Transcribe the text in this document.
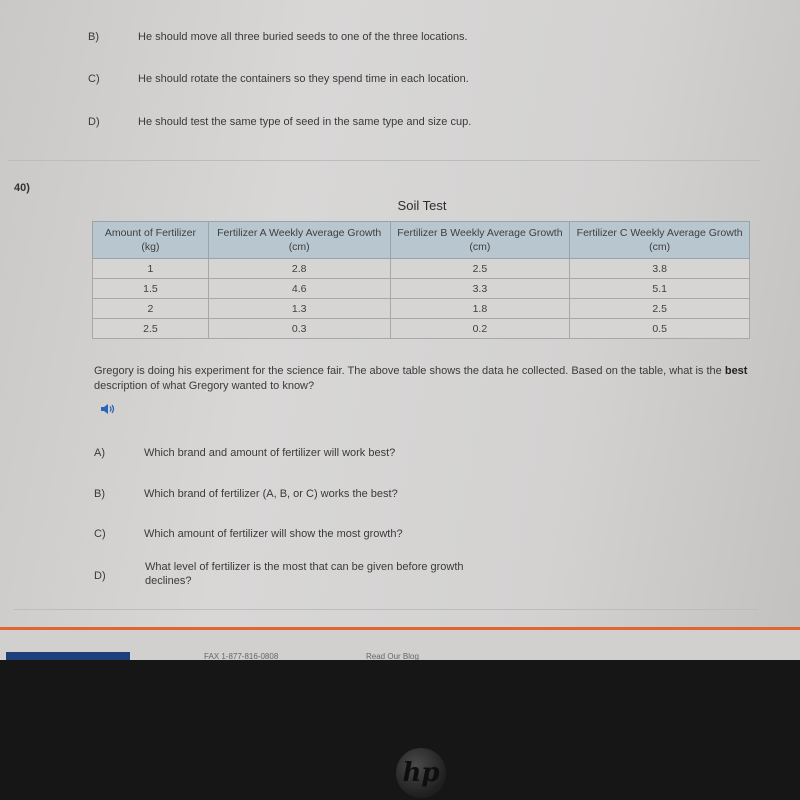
B)	He should move all three buried seeds to one of the three locations.
C)	He should rotate the containers so they spend time in each location.
D)	He should test the same type of seed in the same type and size cup.
40)
Soil Test
Amount of Fertilizer (kg)	Fertilizer A Weekly Average Growth (cm)	Fertilizer B Weekly Average Growth (cm)	Fertilizer C Weekly Average Growth (cm)
1	2.8	2.5	3.8
1.5	4.6	3.3	5.1
2	1.3	1.8	2.5
2.5	0.3	0.2	0.5
Gregory is doing his experiment for the science fair. The above table shows the data he collected. Based on the table, what is the best description of what Gregory wanted to know?
A)	Which brand and amount of fertilizer will work best?
B)	Which brand of fertilizer (A, B, or C) works the best?
C)	Which amount of fertilizer will show the most growth?
D)
What level of fertilizer is the most that can be given before growth declines?
FAX 1-877-816-0808	Read Our Blog
hp
